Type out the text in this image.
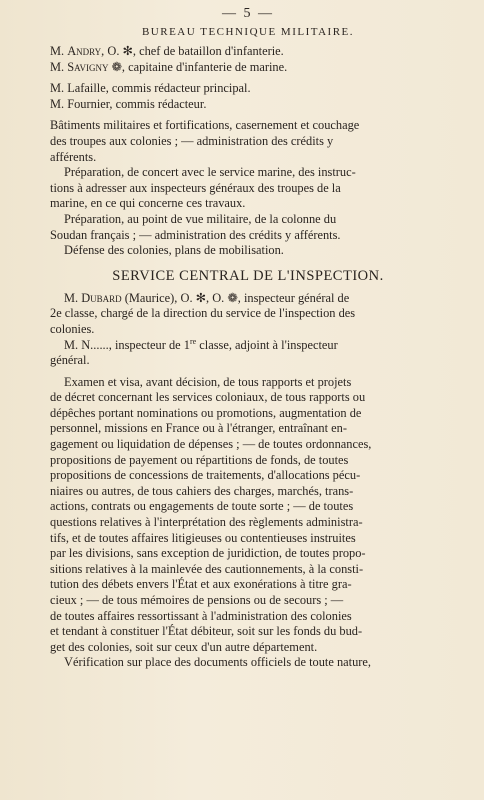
— 5 —
BUREAU TECHNIQUE MILITAIRE.
M. Andry, O. ✻, chef de bataillon d'infanterie.
M. Savigny ❁, capitaine d'infanterie de marine.
M. Lafaille, commis rédacteur principal.
M. Fournier, commis rédacteur.
Bâtiments militaires et fortifications, casernement et couchage
des troupes aux colonies ; — administration des crédits y
afférents.
Préparation, de concert avec le service marine, des instruc-
tions à adresser aux inspecteurs généraux des troupes de la
marine, en ce qui concerne ces travaux.
Préparation, au point de vue militaire, de la colonne du
Soudan français ; — administration des crédits y afférents.
Défense des colonies, plans de mobilisation.
SERVICE CENTRAL DE L'INSPECTION.
M. Dubard (Maurice), O. ✻, O. ❁, inspecteur général de
2e classe, chargé de la direction du service de l'inspection des
colonies.
M. N......, inspecteur de 1re classe, adjoint à l'inspecteur
général.
Examen et visa, avant décision, de tous rapports et projets
de décret concernant les services coloniaux, de tous rapports ou
dépêches portant nominations ou promotions, augmentation de
personnel, missions en France ou à l'étranger, entraînant en-
gagement ou liquidation de dépenses ; — de toutes ordonnances,
propositions de payement ou répartitions de fonds, de toutes
propositions de concessions de traitements, d'allocations pécu-
niaires ou autres, de tous cahiers des charges, marchés, trans-
actions, contrats ou engagements de toute sorte ; — de toutes
questions relatives à l'interprétation des règlements administra-
tifs, et de toutes affaires litigieuses ou contentieuses instruites
par les divisions, sans exception de juridiction, de toutes propo-
sitions relatives à la mainlevée des cautionnements, à la consti-
tution des débets envers l'État et aux exonérations à titre gra-
cieux ; — de tous mémoires de pensions ou de secours ; —
de toutes affaires ressortissant à l'administration des colonies
et tendant à constituer l'État débiteur, soit sur les fonds du bud-
get des colonies, soit sur ceux d'un autre département.
Vérification sur place des documents officiels de toute nature,
